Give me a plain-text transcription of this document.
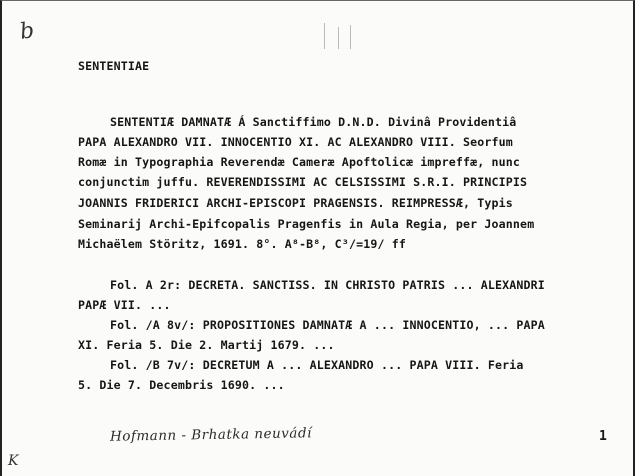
b
SENTENTIAE
SENTENTIÆ DAMNATÆ Á Sanctiffimo D.N.D. Divinâ Providentiâ
PAPA ALEXANDRO VII. INNOCENTIO XI. AC ALEXANDRO VIII. Seorfum
Romæ in Typographia Reverendæ Cameræ Apoftolicæ impreffæ, nunc
conjunctim juffu. REVERENDISSIMI AC CELSISSIMI S.R.I. PRINCIPIS
JOANNIS FRIDERICI ARCHI-EPISCOPI PRAGENSIS. REIMPRESSÆ, Typis
Seminarij Archi-Epifcopalis Pragenfis in Aula Regia, per Joannem
Michaëlem Störitz, 1691. 8°. A⁸-B⁸, C³/=19/ ff
Fol. A 2r: DECRETA. SANCTISS. IN CHRISTO PATRIS ... ALEXANDRI
PAPÆ VII. ...
Fol. /A 8v/: PROPOSITIONES DAMNATÆ A ... INNOCENTIO, ... PAPA
XI. Feria 5. Die 2. Martij 1679. ...
Fol. /B 7v/: DECRETUM A ... ALEXANDRO ... PAPA VIII. Feria
5. Die 7. Decembris 1690. ...
Hofmann - Brhatka neuvádí	1
K
